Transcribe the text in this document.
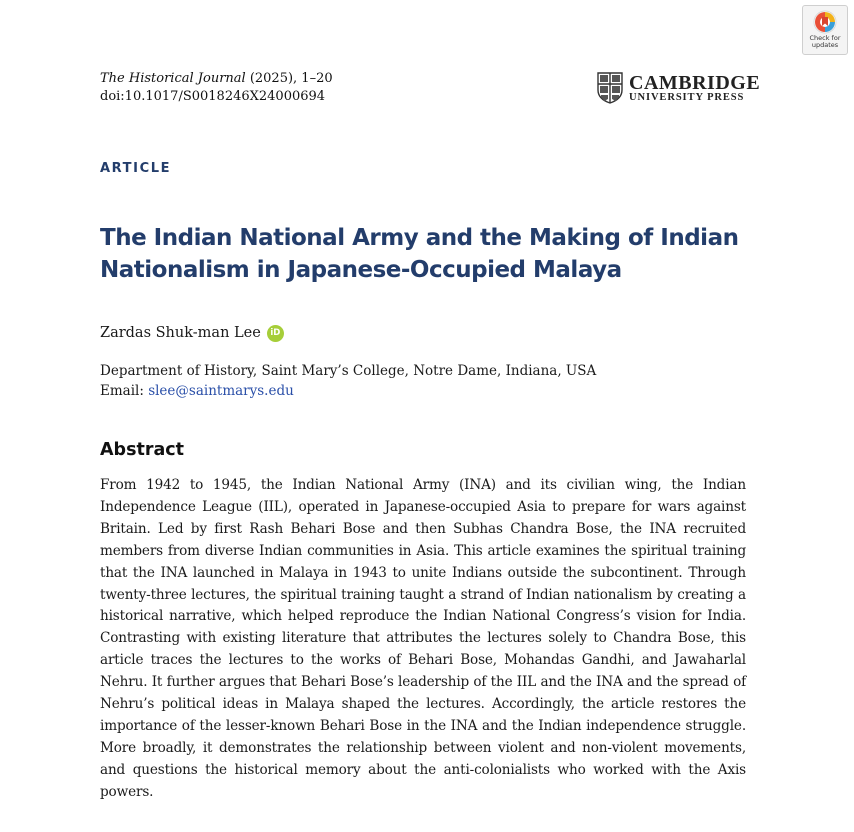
Check for
updates
The Historical Journal (2025), 1–20
doi:10.1017/S0018246X24000694
CAMBRIDGE
UNIVERSITY PRESS
ARTICLE
The Indian National Army and the Making of Indian Nationalism in Japanese-Occupied Malaya
Zardas Shuk-man Lee	iD
Department of History, Saint Mary’s College, Notre Dame, Indiana, USA
Email: slee@saintmarys.edu
Abstract
From 1942 to 1945, the Indian National Army (INA) and its civilian wing, the Indian Independence League (IIL), operated in Japanese-occupied Asia to prepare for wars against Britain. Led by first Rash Behari Bose and then Subhas Chandra Bose, the INA recruited members from diverse Indian communities in Asia. This article examines the spiritual training that the INA launched in Malaya in 1943 to unite Indians outside the subcontinent. Through twenty-three lectures, the spiritual training taught a strand of Indian nationalism by creating a historical narrative, which helped reproduce the Indian National Congress’s vision for India. Contrasting with existing literature that attributes the lectures solely to Chandra Bose, this article traces the lectures to the works of Behari Bose, Mohandas Gandhi, and Jawaharlal Nehru. It further argues that Behari Bose’s leadership of the IIL and the INA and the spread of Nehru’s political ideas in Malaya shaped the lectures. Accordingly, the article restores the importance of the lesser-known Behari Bose in the INA and the Indian independence struggle. More broadly, it demonstrates the relationship between violent and non-violent movements, and questions the historical memory about the anti-colonialists who worked with the Axis powers.
